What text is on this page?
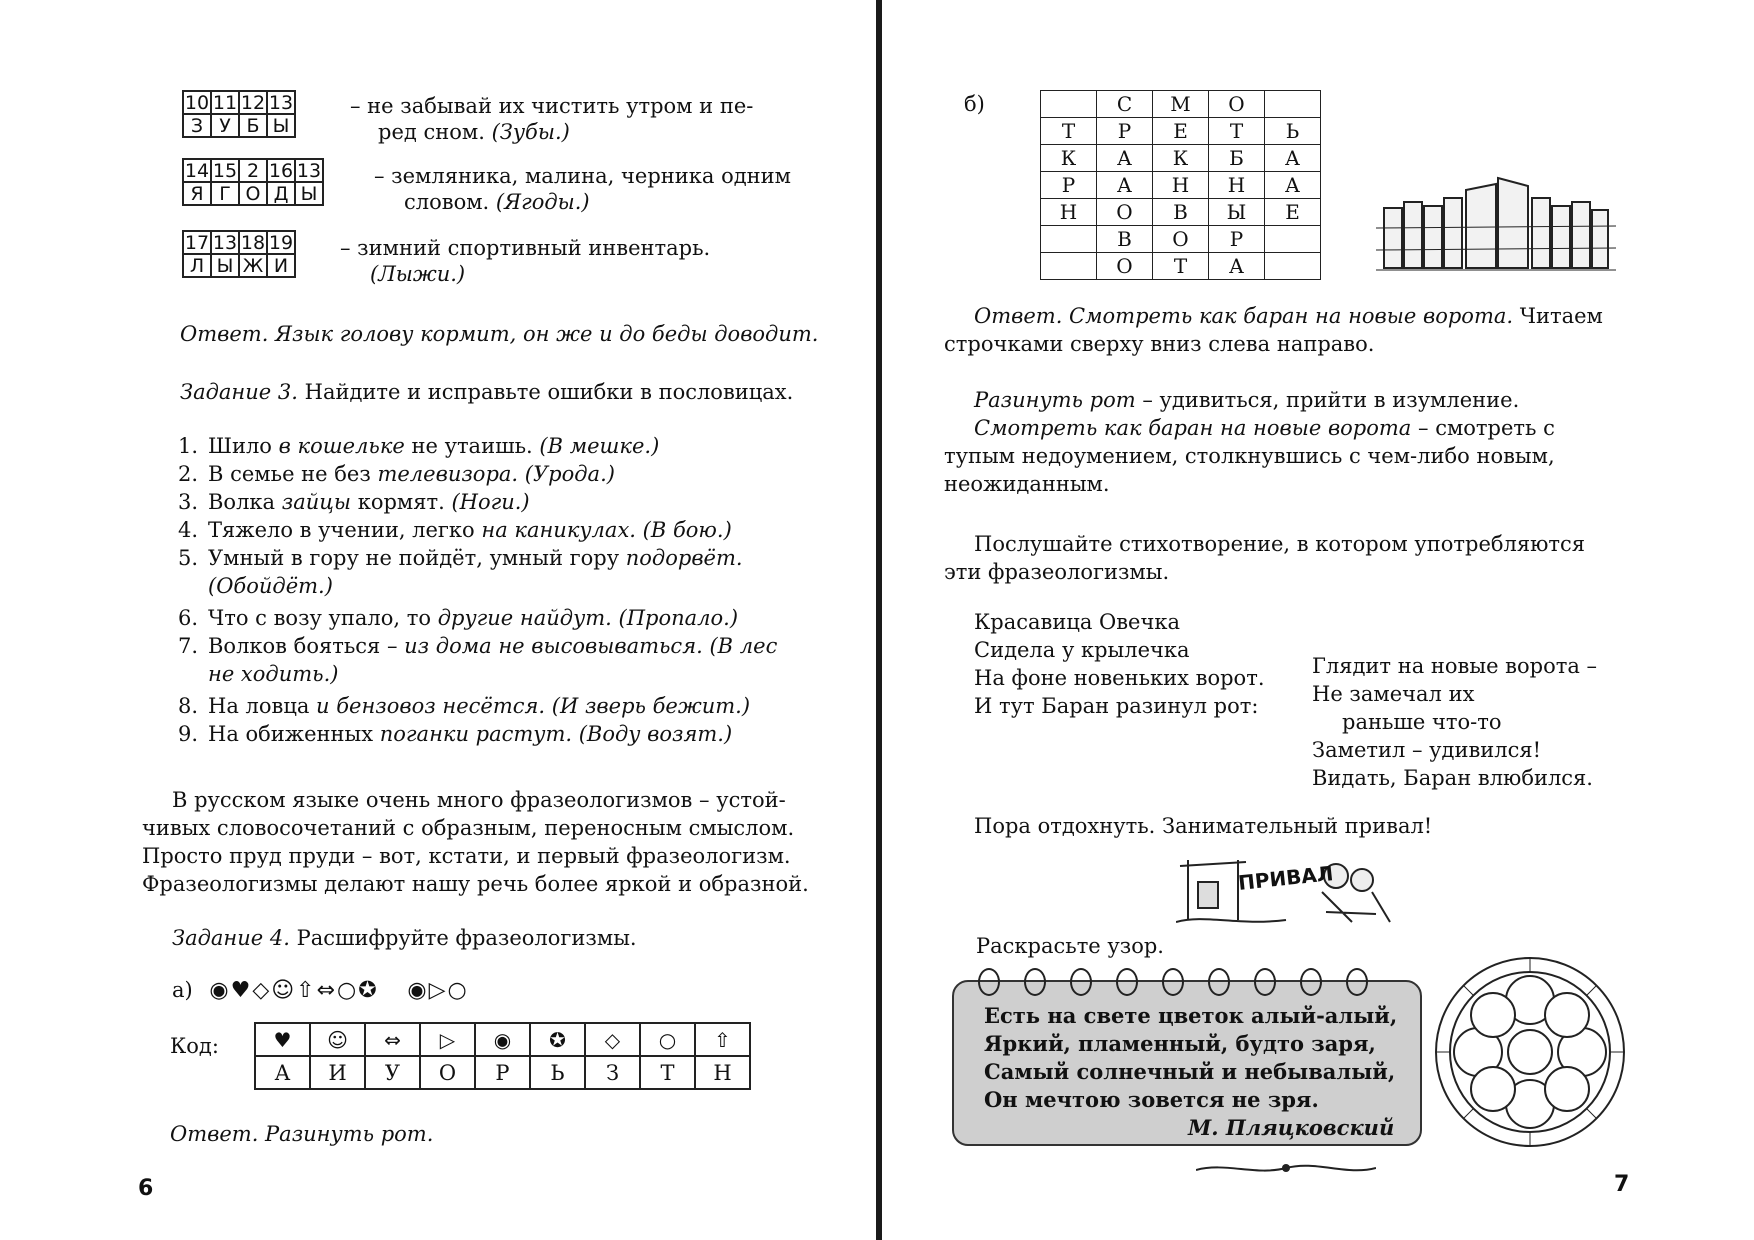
10	11	12	13
З	У	Б	Ы
– не забывай их чистить утром и пе-
ред сном. (Зубы.)
14	15	2	16	13
Я	Г	О	Д	Ы
– земляника, малина, черника одним
словом. (Ягоды.)
17	13	18	19
Л	Ы	Ж	И
– зимний спортивный инвентарь.
(Лыжи.)
Ответ. Язык голову кормит, он же и до беды доводит.
Задание 3. Найдите и исправьте ошибки в пословицах.
1. Шило в кошельке не утаишь. (В мешке.)
2. В семье не без телевизора. (Урода.)
3. Волка зайцы кормят. (Ноги.)
4. Тяжело в учении, легко на каникулах. (В бою.)
5. Умный в гору не пойдёт, умный гору подорвёт.
(Обойдёт.)
6. Что с возу упало, то другие найдут. (Пропало.)
7. Волков бояться – из дома не высовываться. (В лес
не ходить.)
8. На ловца и бензовоз несётся. (И зверь бежит.)
9. На обиженных поганки растут. (Воду возят.)
В русском языке очень много фразеологизмов – устой-
чивых словосочетаний с образным, переносным смыслом.
Просто пруд пруди – вот, кстати, и первый фразеологизм.
Фразеологизмы делают нашу речь более яркой и образной.
Задание 4. Расшифруйте фразеологизмы.
а) ◉♥◇☺⇧⇔○✪ ◉▷○
Код:	♥	☺	⇔	▷	◉	✪	◇	○	⇧
А	И	У	О	Р	Ь	З	Т	Н
Ответ. Разинуть рот.
6
б)
		С	М	О	
Т	Р	Е	Т	Ь
К	А	К	Б	А
Р	А	Н	Н	А
Н	О	В	Ы	Е
	В	О	Р	
	О	Т	А	
Ответ. Смотреть как баран на новые ворота. Читаем
строчками сверху вниз слева направо.
Разинуть рот – удивиться, прийти в изумление.
Смотреть как баран на новые ворота – смотреть с
тупым недоумением, столкнувшись с чем-либо новым,
неожиданным.
Послушайте стихотворение, в котором употребляются
эти фразеологизмы.
Красавица Овечка
Сидела у крылечка
На фоне новеньких ворот.
И тут Баран разинул рот:
Глядит на новые ворота –
Не замечал их
раньше что-то
Заметил – удивился!
Видать, Баран влюбился.
Пора отдохнуть. Занимательный привал!
ПРИВАЛ
Раскрасьте узор.
Есть на свете цветок алый-алый,
Яркий, пламенный, будто заря,
Самый солнечный и небывалый,
Он мечтою зовется не зря.
М. Пляцковский
7
